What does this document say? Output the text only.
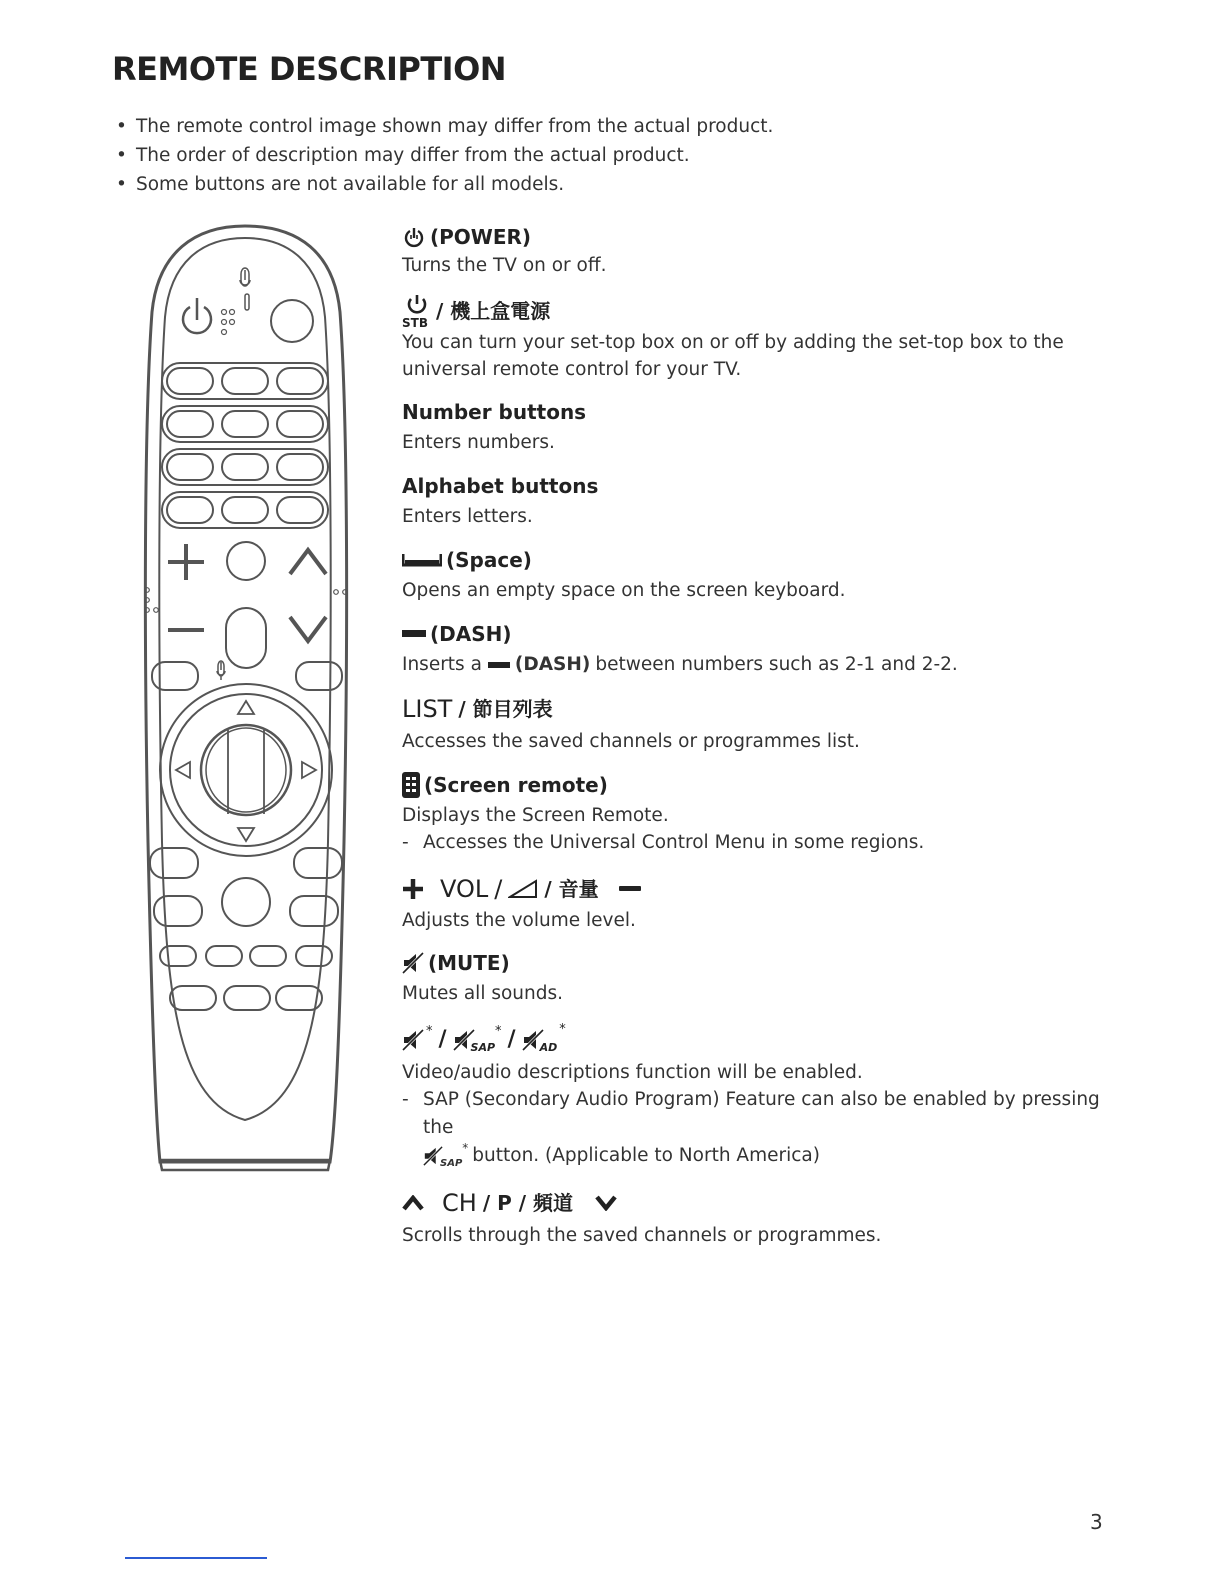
REMOTE DESCRIPTION
• The remote control image shown may differ from the actual product.
• The order of description may differ from the actual product.
• Some buttons are not available for all models.
(POWER)
Turns the TV on or off.
STB / 機上盒電源
You can turn your set-top box on or off by adding the set-top box to the universal remote control for your TV.
Number buttons
Enters numbers.
Alphabet buttons
Enters letters.
(Space)
Opens an empty space on the screen keyboard.
(DASH)
Inserts a (DASH) between numbers such as 2-1 and 2-2.
LIST / 節目列表
Accesses the saved channels or programmes list.
(Screen remote)
Displays the Screen Remote.
- Accesses the Universal Control Menu in some regions.
VOL / / 音量
Adjusts the volume level.
(MUTE)
Mutes all sounds.
* / SAP
* / AD
*
Video/audio descriptions function will be enabled.
- SAP (Secondary Audio Program) Feature can also be enabled by pressing the
SAP
* button. (Applicable to North America)
CH / P / 頻道
Scrolls through the saved channels or programmes.
3
